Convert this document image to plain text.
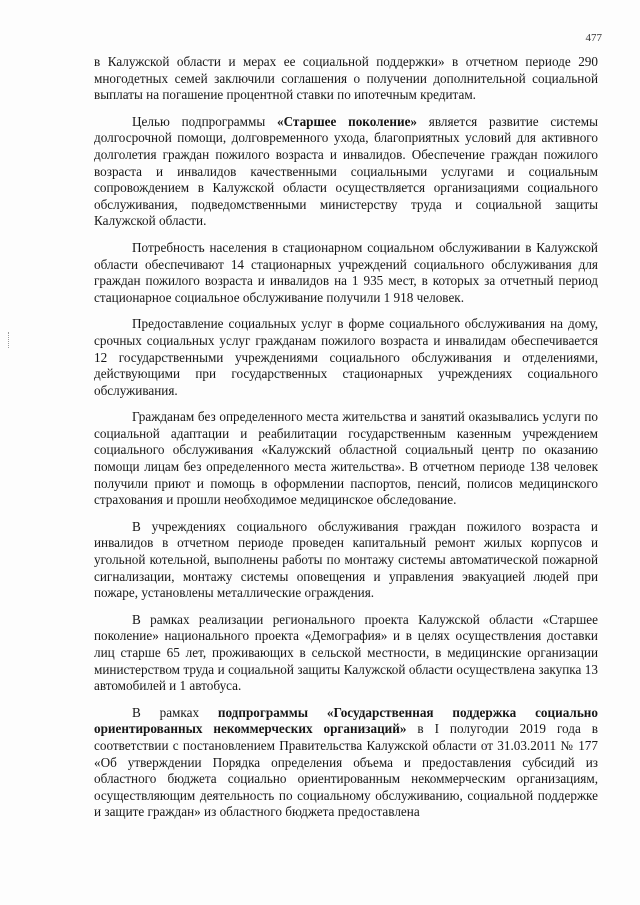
477

в Калужской области и мерах ее социальной поддержки» в отчетном периоде 290 многодетных семей заключили соглашения о получении дополнительной социальной выплаты на погашение процентной ставки по ипотечным кредитам.

Целью подпрограммы «Старшее поколение» является развитие системы долгосрочной помощи, долговременного ухода, благоприятных условий для активного долголетия граждан пожилого возраста и инвалидов. Обеспечение граждан пожилого возраста и инвалидов качественными социальными услугами и социальным сопровождением в Калужской области осуществляется организациями социального обслуживания, подведомственными министерству труда и социальной защиты Калужской области.

Потребность населения в стационарном социальном обслуживании в Калужской области обеспечивают 14 стационарных учреждений социального обслуживания для граждан пожилого возраста и инвалидов на 1 935 мест, в которых за отчетный период стационарное социальное обслуживание получили 1 918 человек.

Предоставление социальных услуг в форме социального обслуживания на дому, срочных социальных услуг гражданам пожилого возраста и инвалидам обеспечивается 12 государственными учреждениями социального обслуживания и отделениями, действующими при государственных стационарных учреждениях социального обслуживания.

Гражданам без определенного места жительства и занятий оказывались услуги по социальной адаптации и реабилитации государственным казенным учреждением социального обслуживания «Калужский областной социальный центр по оказанию помощи лицам без определенного места жительства». В отчетном периоде 138 человек получили приют и помощь в оформлении паспортов, пенсий, полисов медицинского страхования и прошли необходимое медицинское обследование.

В учреждениях социального обслуживания граждан пожилого возраста и инвалидов в отчетном периоде проведен капитальный ремонт жилых корпусов и угольной котельной, выполнены работы по монтажу системы автоматической пожарной сигнализации, монтажу системы оповещения и управления эвакуацией людей при пожаре, установлены металлические ограждения.

В рамках реализации регионального проекта Калужской области «Старшее поколение» национального проекта «Демография» и в целях осуществления доставки лиц старше 65 лет, проживающих в сельской местности, в медицинские организации министерством труда и социальной защиты Калужской области осуществлена закупка 13 автомобилей и 1 автобуса.

В рамках подпрограммы «Государственная поддержка социально ориентированных некоммерческих организаций» в I полугодии 2019 года в соответствии с постановлением Правительства Калужской области от 31.03.2011 № 177 «Об утверждении Порядка определения объема и предоставления субсидий из областного бюджета социально ориентированным некоммерческим организациям, осуществляющим деятельность по социальному обслуживанию, социальной поддержке и защите граждан» из областного бюджета предоставлена
